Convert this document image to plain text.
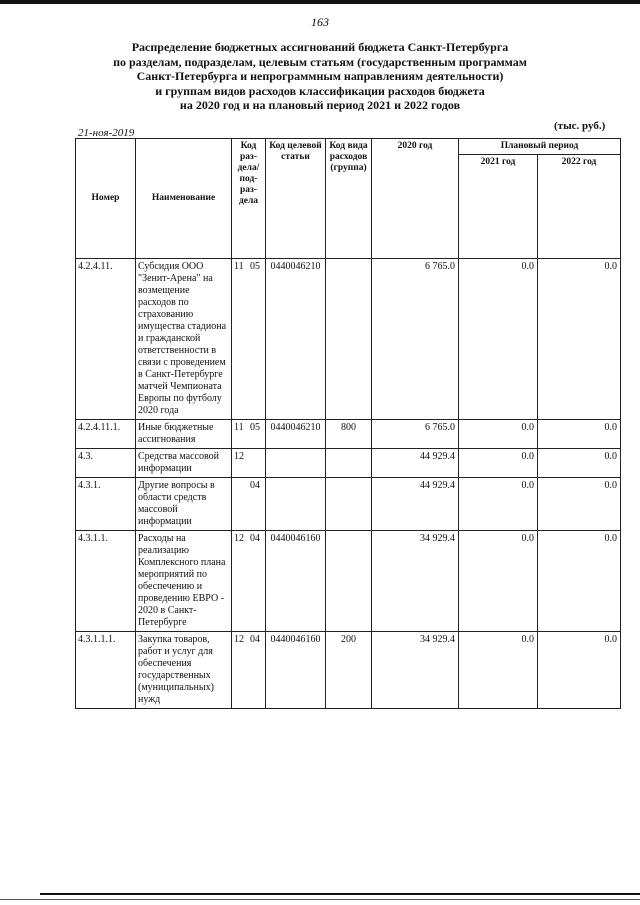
163
Распределение бюджетных ассигнований бюджета Санкт-Петербурга
по разделам, подразделам, целевым статьям (государственным программам
Санкт-Петербурга и непрограммным направлениям деятельности)
и группам видов расходов классификации расходов бюджета
на 2020 год и на плановый период 2021 и 2022 годов
21-ноя-2019
(тыс. руб.)
Номер	Наименование	Код раз-дела/ под-раз-дела	Код целевой статьи	Код вида расходов (группа)	2020 год	Плановый период	
						2021 год	2022 год
4.2.4.11.	Субсидия ООО "Зенит-Арена" на возмещение расходов по страхованию имущества стадиона и гражданской ответственности в связи с проведением в Санкт-Петербурге матчей Чемпионата Европы по футболу 2020 года	11 05	0440046210		6 765.0	0.0	0.0
4.2.4.11.1.	Иные бюджетные ассигнования	11 05	0440046210	800	6 765.0	0.0	0.0
4.3.	Средства массовой информации	12			44 929.4	0.0	0.0
4.3.1.	Другие вопросы в области средств массовой информации	04			44 929.4	0.0	0.0
4.3.1.1.	Расходы на реализацию Комплексного плана мероприятий по обеспечению и проведению ЕВРО - 2020 в Санкт-Петербурге	12 04	0440046160		34 929.4	0.0	0.0
4.3.1.1.1.	Закупка товаров, работ и услуг для обеспечения государственных (муниципальных) нужд	12 04	0440046160	200	34 929.4	0.0	0.0
